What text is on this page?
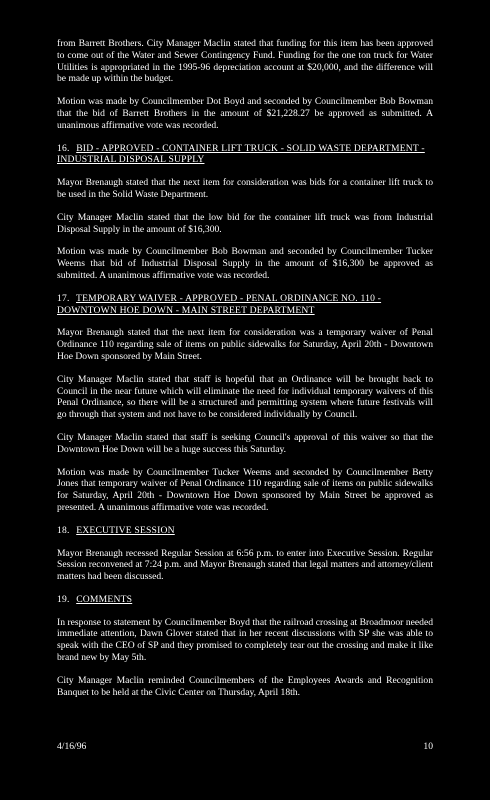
from Barrett Brothers. City Manager Maclin stated that funding for this item has been approved to come out of the Water and Sewer Contingency Fund. Funding for the one ton truck for Water Utilities is appropriated in the 1995-96 depreciation account at $20,000, and the difference will be made up within the budget.

Motion was made by Councilmember Dot Boyd and seconded by Councilmember Bob Bowman that the bid of Barrett Brothers in the amount of $21,228.27 be approved as submitted. A unanimous affirmative vote was recorded.

16. BID - APPROVED - CONTAINER LIFT TRUCK - SOLID WASTE DEPARTMENT - INDUSTRIAL DISPOSAL SUPPLY

Mayor Brenaugh stated that the next item for consideration was bids for a container lift truck to be used in the Solid Waste Department.

City Manager Maclin stated that the low bid for the container lift truck was from Industrial Disposal Supply in the amount of $16,300.

Motion was made by Councilmember Bob Bowman and seconded by Councilmember Tucker Weems that bid of Industrial Disposal Supply in the amount of $16,300 be approved as submitted. A unanimous affirmative vote was recorded.

17. TEMPORARY WAIVER - APPROVED - PENAL ORDINANCE NO. 110 - DOWNTOWN HOE DOWN - MAIN STREET DEPARTMENT

Mayor Brenaugh stated that the next item for consideration was a temporary waiver of Penal Ordinance 110 regarding sale of items on public sidewalks for Saturday, April 20th - Downtown Hoe Down sponsored by Main Street.

City Manager Maclin stated that staff is hopeful that an Ordinance will be brought back to Council in the near future which will eliminate the need for individual temporary waivers of this Penal Ordinance, so there will be a structured and permitting system where future festivals will go through that system and not have to be considered individually by Council.

City Manager Maclin stated that staff is seeking Council's approval of this waiver so that the Downtown Hoe Down will be a huge success this Saturday.

Motion was made by Councilmember Tucker Weems and seconded by Councilmember Betty Jones that temporary waiver of Penal Ordinance 110 regarding sale of items on public sidewalks for Saturday, April 20th - Downtown Hoe Down sponsored by Main Street be approved as presented. A unanimous affirmative vote was recorded.

18. EXECUTIVE SESSION

Mayor Brenaugh recessed Regular Session at 6:56 p.m. to enter into Executive Session. Regular Session reconvened at 7:24 p.m. and Mayor Brenaugh stated that legal matters and attorney/client matters had been discussed.

19. COMMENTS

In response to statement by Councilmember Boyd that the railroad crossing at Broadmoor needed immediate attention, Dawn Glover stated that in her recent discussions with SP she was able to speak with the CEO of SP and they promised to completely tear out the crossing and make it like brand new by May 5th.

City Manager Maclin reminded Councilmembers of the Employees Awards and Recognition Banquet to be held at the Civic Center on Thursday, April 18th.

4/16/96	10
